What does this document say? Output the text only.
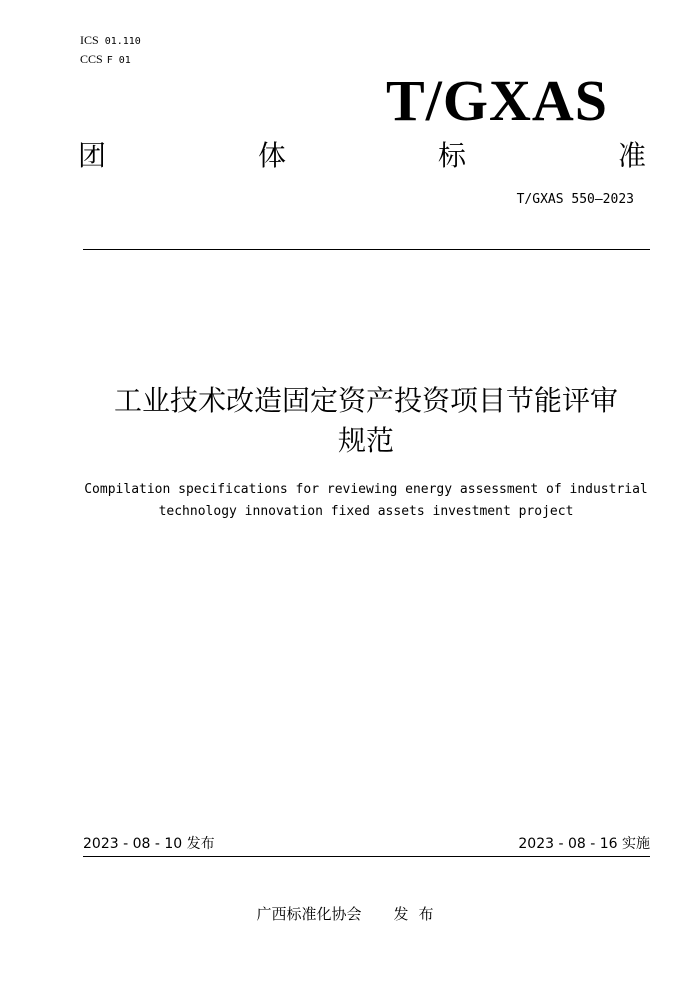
ICS 01.110
CCS F 01
T/GXAS
团	体	标	准
T/GXAS 550—2023
工业技术改造固定资产投资项目节能评审
规范
Compilation specifications for reviewing energy assessment of industrial
technology innovation fixed assets investment project
2023 - 08 - 10 发布	2023 - 08 - 16 实施
广西标准化协会 发布
